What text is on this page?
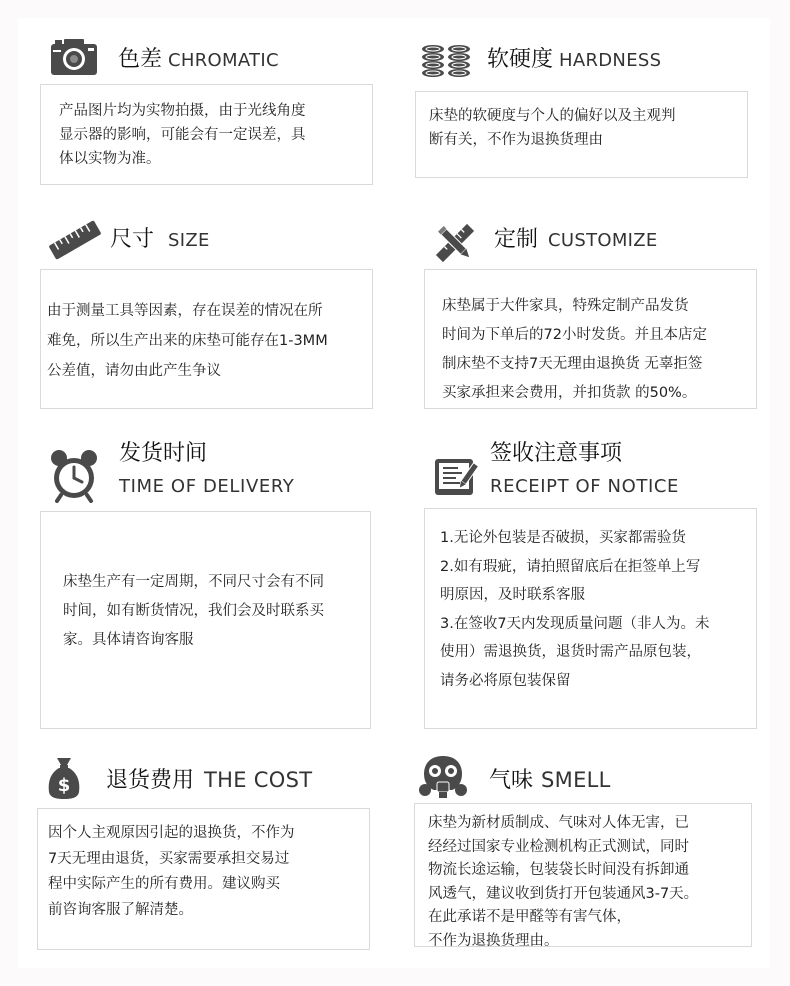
色差 CHROMATIC

产品图片均为实物拍摄，由于光线角度

显示器的影响，可能会有一定误差，具

体以实物为准。

软硬度 HARDNESS

床垫的软硬度与个人的偏好以及主观判

断有关，不作为退换货理由

尺寸 SIZE

由于测量工具等因素，存在误差的情况在所

难免，所以生产出来的床垫可能存在1-3MM

公差值，请勿由此产生争议

定制 CUSTOMIZE

床垫属于大件家具，特殊定制产品发货

时间为下单后的72小时发货。并且本店定

制床垫不支持7天无理由退换货 无辜拒签

买家承担来会费用，并扣货款 的50%。

发货时间
TIME OF DELIVERY

床垫生产有一定周期，不同尺寸会有不同

时间，如有断货情况，我们会及时联系买

家。具体请咨询客服

签收注意事项
RECEIPT OF NOTICE

1.无论外包装是否破损，买家都需验货

2.如有瑕疵，请拍照留底后在拒签单上写

明原因，及时联系客服

3.在签收7天内发现质量问题（非人为。未

使用）需退换货，退货时需产品原包装，

请务必将原包装保留

$ 退货费用 THE COST

因个人主观原因引起的退换货，不作为

7天无理由退货，买家需要承担交易过

程中实际产生的所有费用。建议购买

前咨询客服了解清楚。

气味 SMELL

床垫为新材质制成、气味对人体无害，已

经经过国家专业检测机构正式测试，同时

物流长途运输，包装袋长时间没有拆卸通

风透气，建议收到货打开包装通风3-7天。

在此承诺不是甲醛等有害气体，

不作为退换货理由。
